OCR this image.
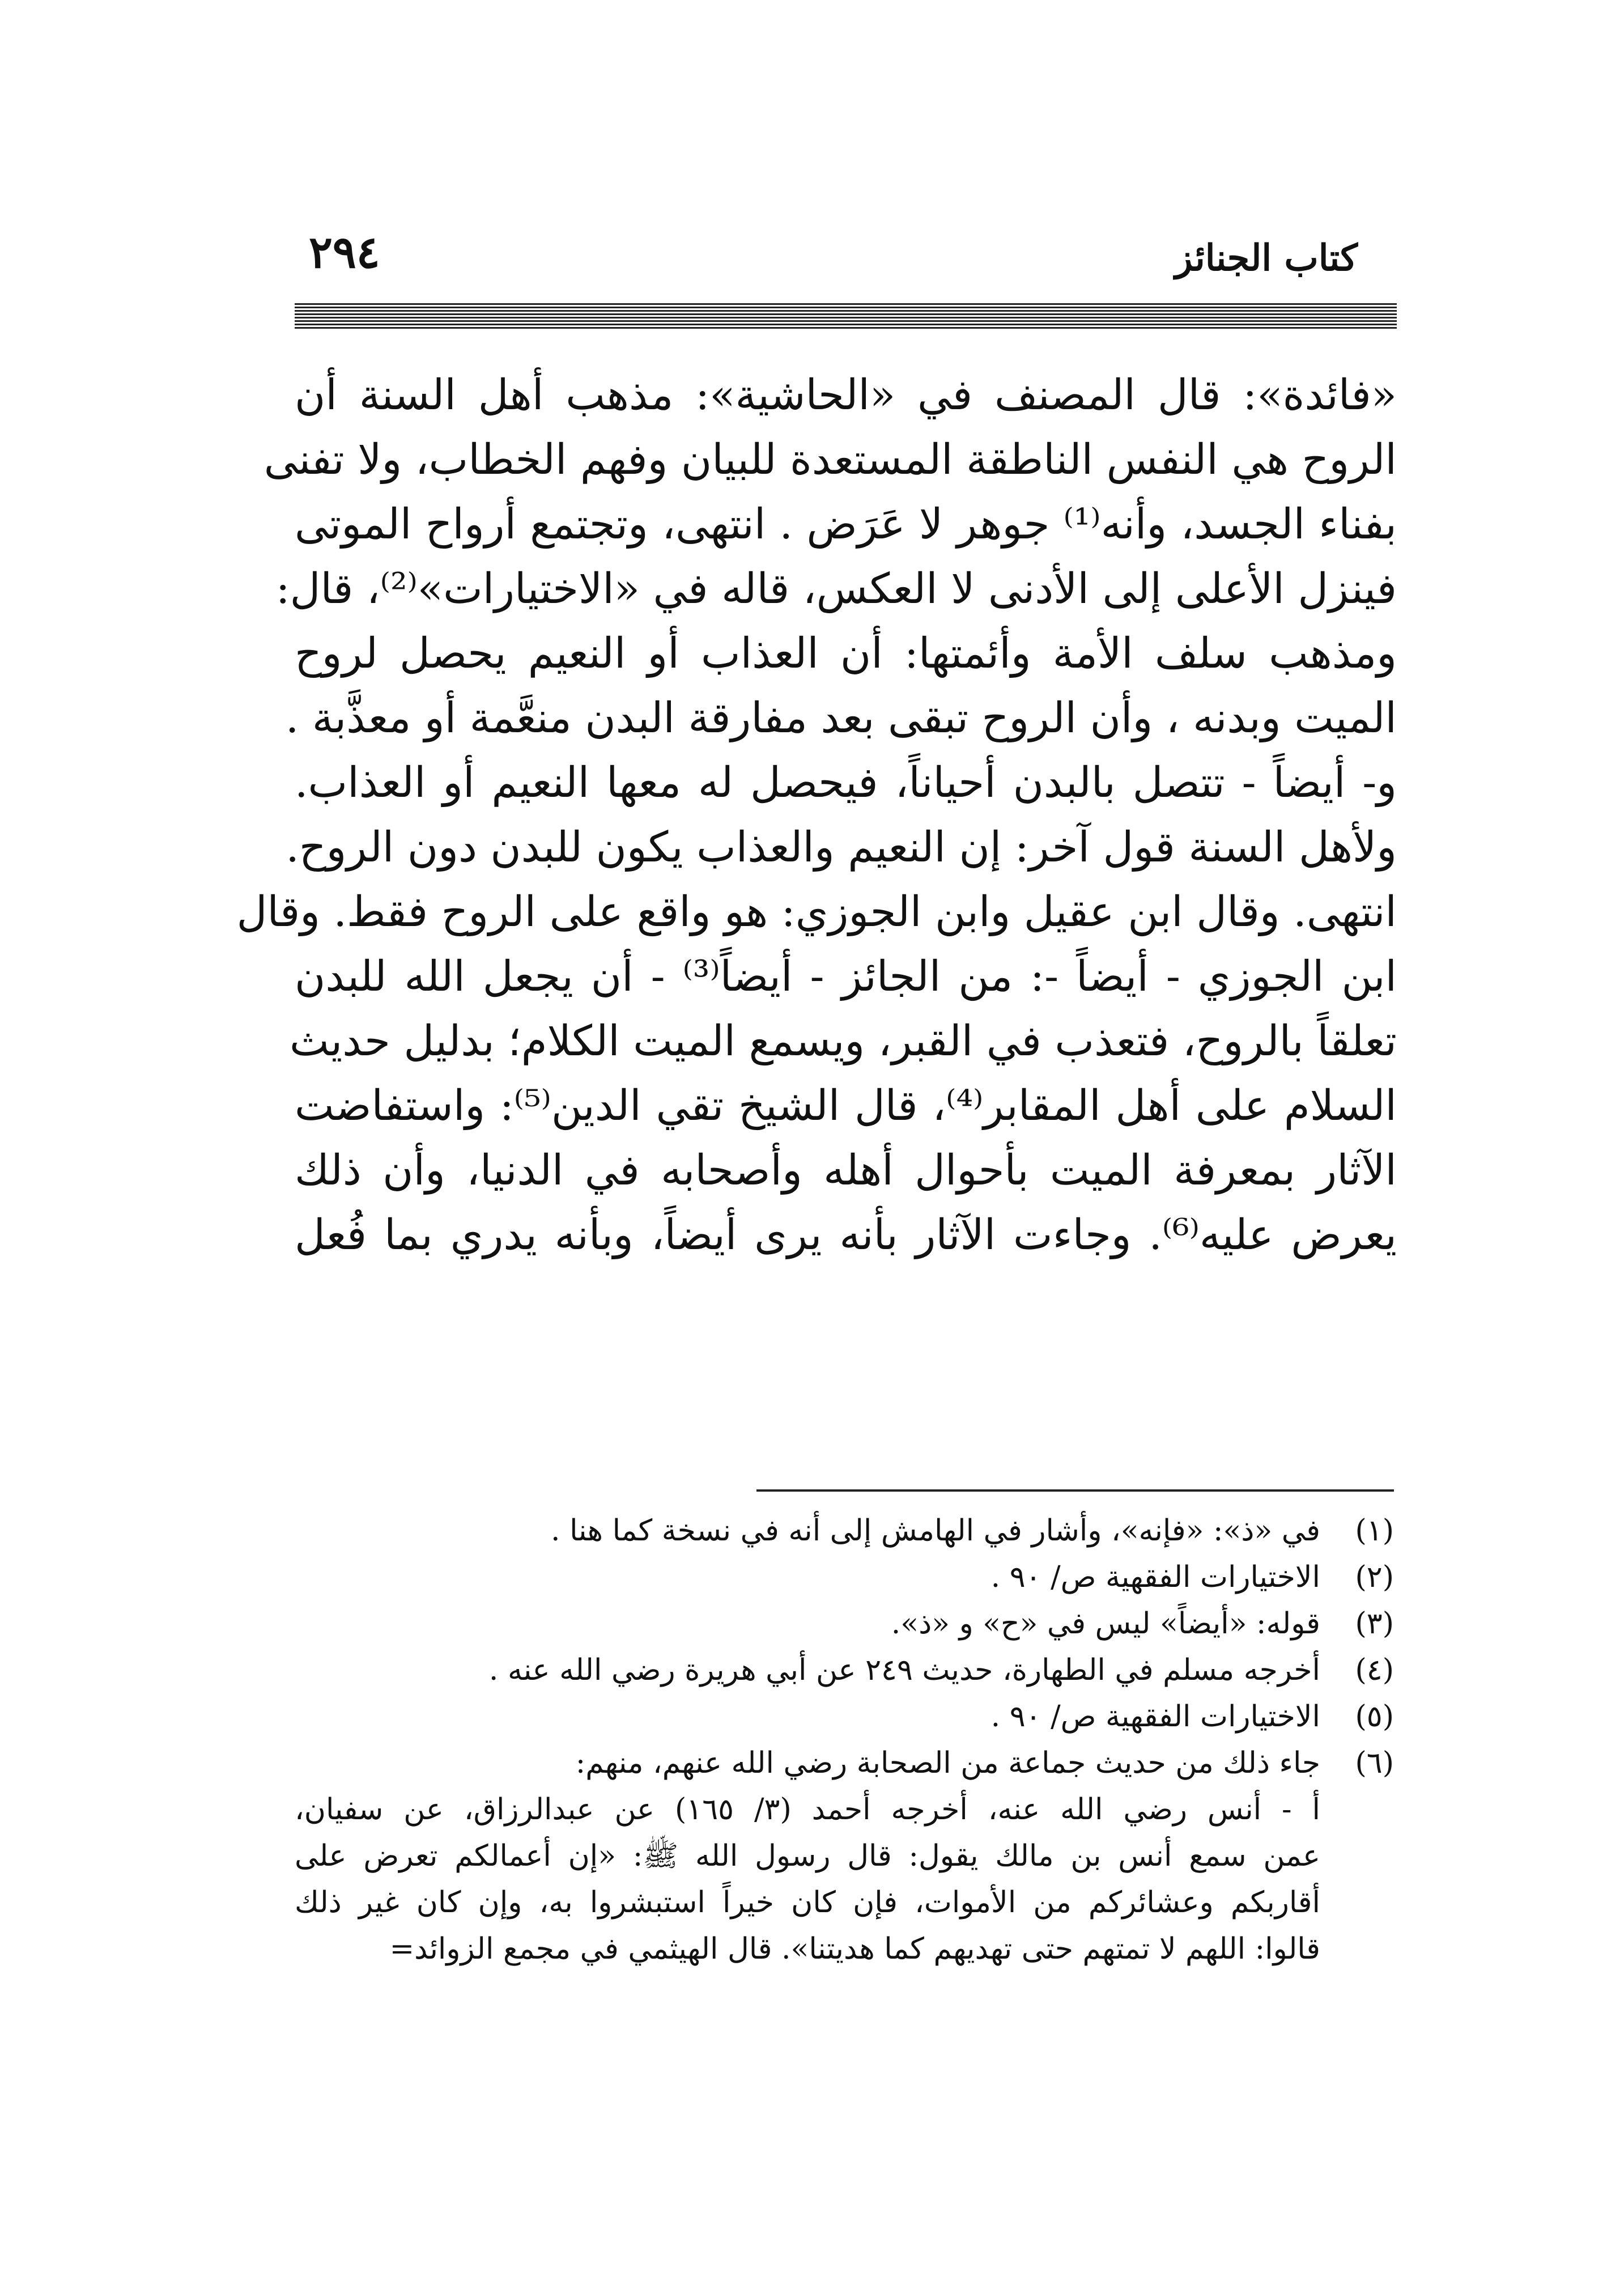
كتاب الجنائز
٢٩٤
«فائدة»: قال المصنف في «الحاشية»: مذهب أهل السنة أن
الروح هي النفس الناطقة المستعدة للبيان وفهم الخطاب، ولا تفنى
بفناء الجسد، وأنه⁽¹⁾ جوهر لا عَرَض . انتهى، وتجتمع أرواح الموتى
فينزل الأعلى إلى الأدنى لا العكس، قاله في «الاختيارات»⁽²⁾، قال:
ومذهب سلف الأمة وأئمتها: أن العذاب أو النعيم يحصل لروح
الميت وبدنه ، وأن الروح تبقى بعد مفارقة البدن منعَّمة أو معذَّبة .
و- أيضاً - تتصل بالبدن أحياناً، فيحصل له معها النعيم أو العذاب.
ولأهل السنة قول آخر: إن النعيم والعذاب يكون للبدن دون الروح.
انتهى. وقال ابن عقيل وابن الجوزي: هو واقع على الروح فقط. وقال
ابن الجوزي - أيضاً -: من الجائز - أيضاً⁽³⁾ - أن يجعل الله للبدن
تعلقاً بالروح، فتعذب في القبر، ويسمع الميت الكلام؛ بدليل حديث
السلام على أهل المقابر⁽⁴⁾، قال الشيخ تقي الدين⁽⁵⁾: واستفاضت
الآثار بمعرفة الميت بأحوال أهله وأصحابه في الدنيا، وأن ذلك
يعرض عليه⁽⁶⁾. وجاءت الآثار بأنه يرى أيضاً، وبأنه يدري بما فُعل
(١)في «ذ»: «فإنه»، وأشار في الهامش إلى أنه في نسخة كما هنا .
(٢)الاختيارات الفقهية ص/ ٩٠ .
(٣)قوله: «أيضاً» ليس في «ح» و «ذ».
(٤)أخرجه مسلم في الطهارة، حديث ٢٤٩ عن أبي هريرة رضي الله عنه .
(٥)الاختيارات الفقهية ص/ ٩٠ .
(٦)جاء ذلك من حديث جماعة من الصحابة رضي الله عنهم، منهم:
أ - أنس رضي الله عنه، أخرجه أحمد (٣/ ١٦٥) عن عبدالرزاق، عن سفيان،
عمن سمع أنس بن مالك يقول: قال رسول الله ﷺ: «إن أعمالكم تعرض على
أقاربكم وعشائركم من الأموات، فإن كان خيراً استبشروا به، وإن كان غير ذلك
قالوا: اللهم لا تمتهم حتى تهديهم كما هديتنا». قال الهيثمي في مجمع الزوائد=
